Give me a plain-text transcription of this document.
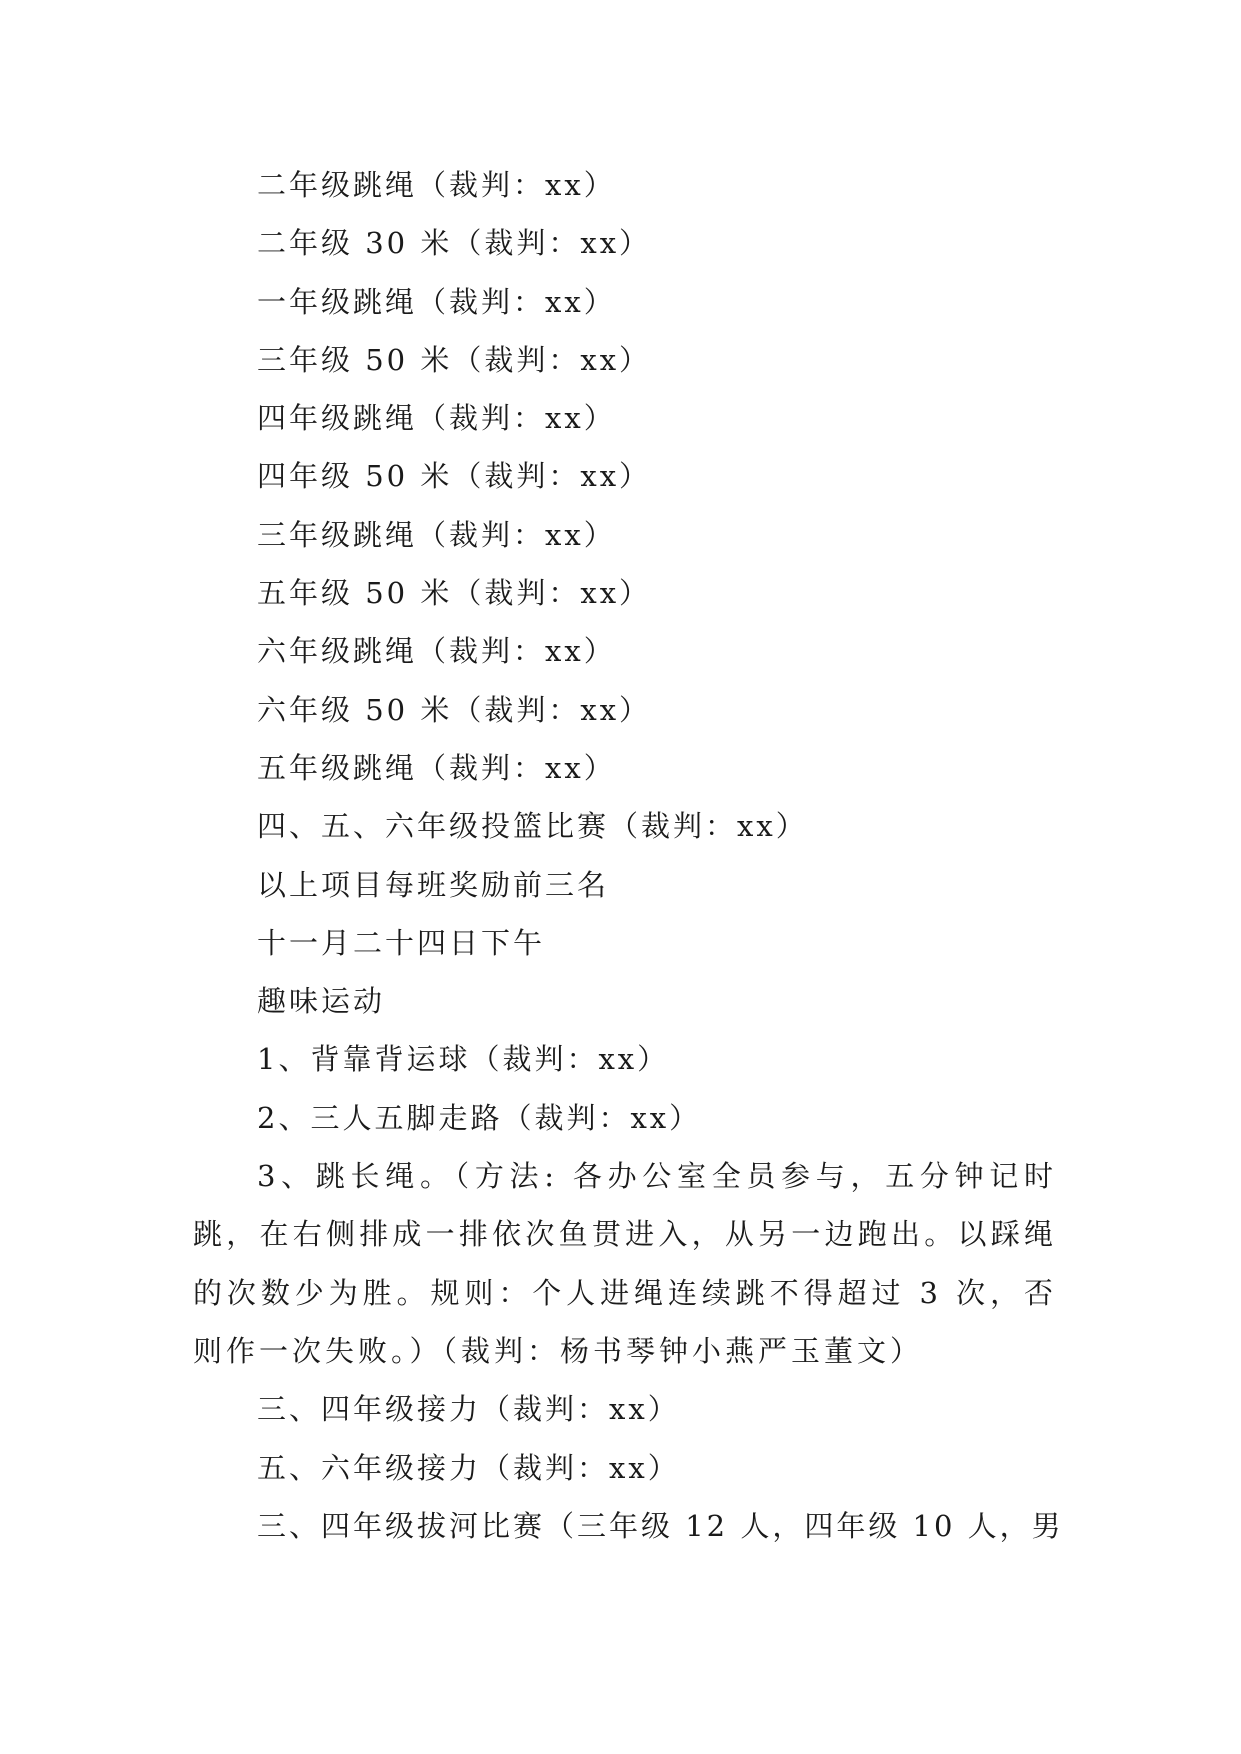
二年级跳绳（裁判：xx）
二年级 30 米（裁判：xx）
一年级跳绳（裁判：xx）
三年级 50 米（裁判：xx）
四年级跳绳（裁判：xx）
四年级 50 米（裁判：xx）
三年级跳绳（裁判：xx）
五年级 50 米（裁判：xx）
六年级跳绳（裁判：xx）
六年级 50 米（裁判：xx）
五年级跳绳（裁判：xx）
四、五、六年级投篮比赛（裁判：xx）
以上项目每班奖励前三名
十一月二十四日下午
趣味运动
1、背靠背运球（裁判：xx）
2、三人五脚走路（裁判：xx）
3、跳长绳。（方法: 各办公室全员参与，五分钟记时跳，在右侧排成一排依次鱼贯进入，从另一边跑出。以踩绳的次数少为胜。规则：个人进绳连续跳不得超过 3 次，否则作一次失败。）（裁判：杨书琴钟小燕严玉董文）
三、四年级接力（裁判：xx）
五、六年级接力（裁判：xx）
三、四年级拔河比赛（三年级 12 人，四年级 10 人，男
